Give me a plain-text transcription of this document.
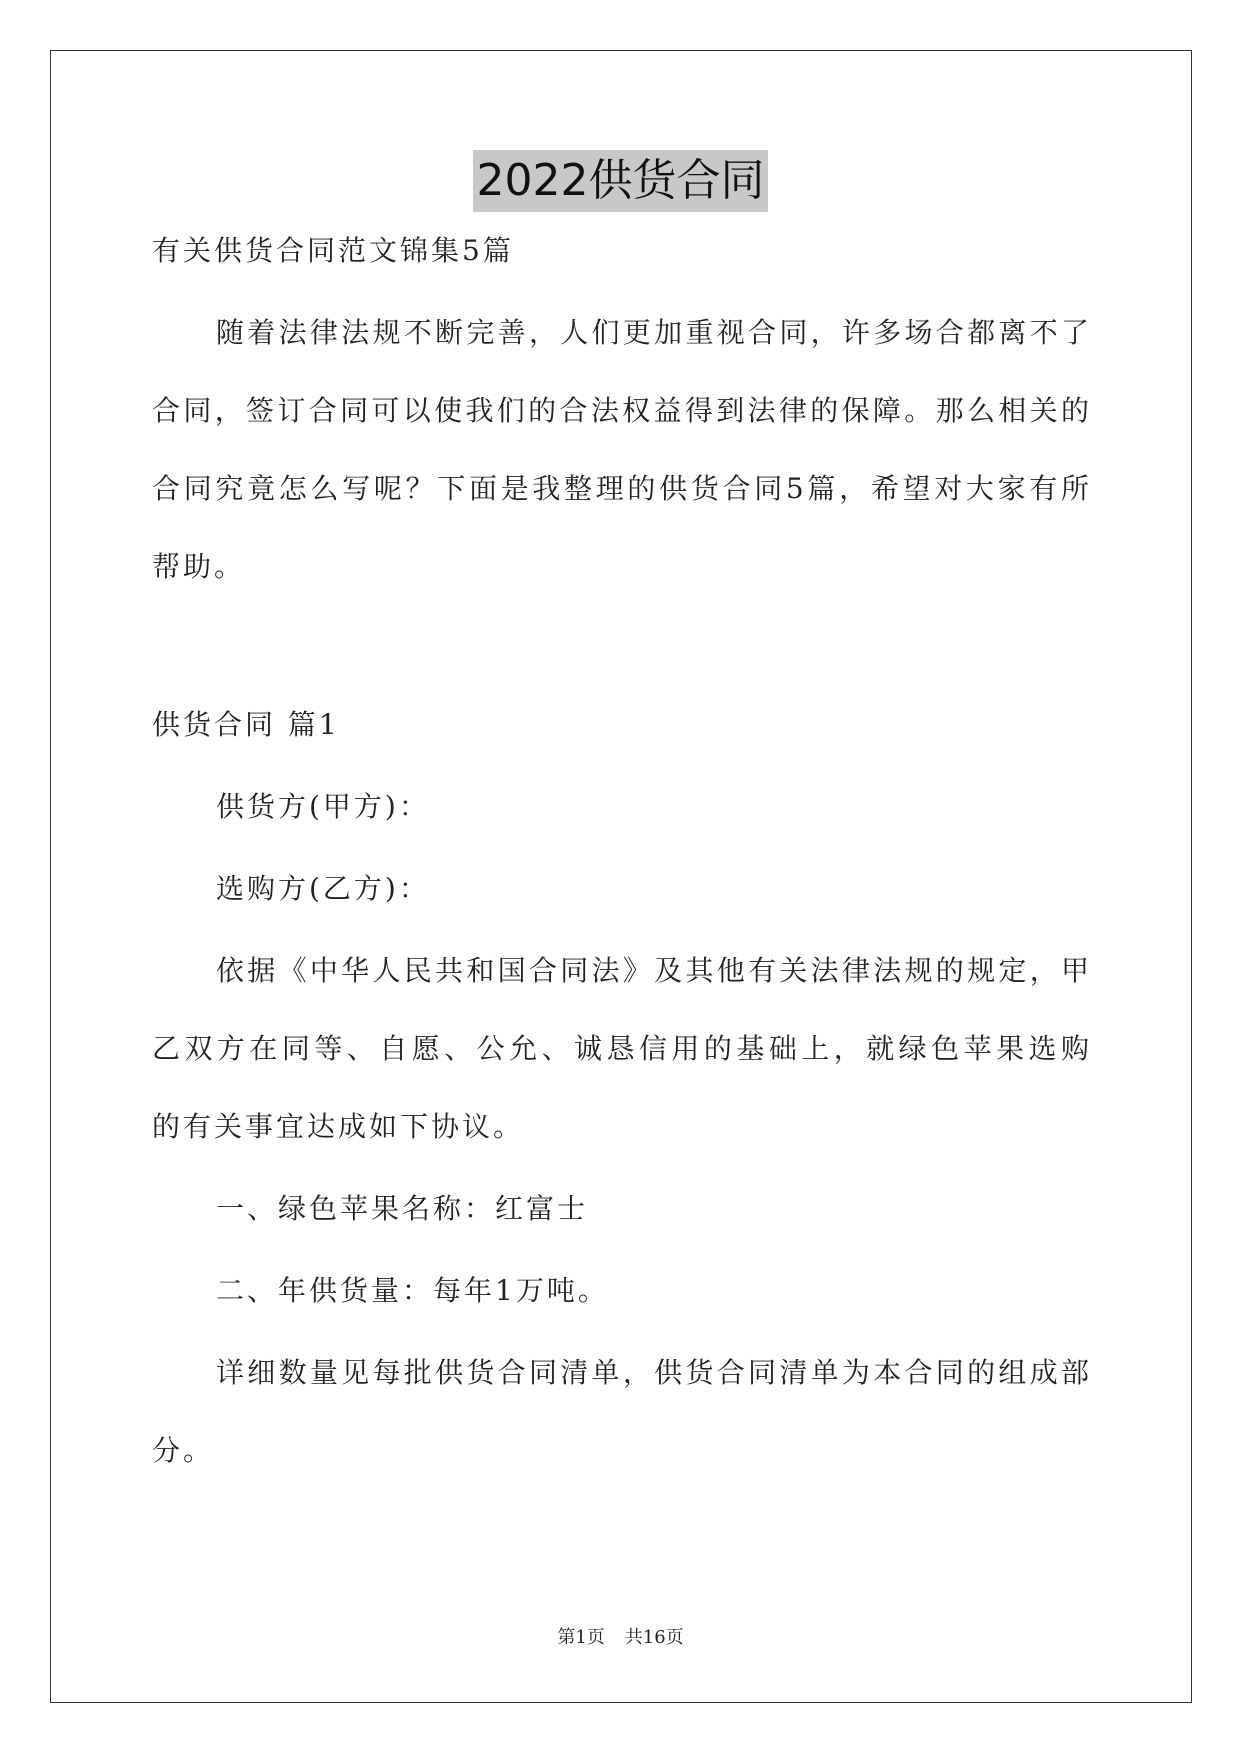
2022供货合同

有关供货合同范文锦集5篇

随着法律法规不断完善，人们更加重视合同，许多场合都离不了合同，签订合同可以使我们的合法权益得到法律的保障。那么相关的合同究竟怎么写呢？下面是我整理的供货合同5篇，希望对大家有所帮助。

供货合同 篇1

供货方(甲方)：

选购方(乙方)：

依据《中华人民共和国合同法》及其他有关法律法规的规定，甲乙双方在同等、自愿、公允、诚恳信用的基础上，就绿色苹果选购 的有关事宜达成如下协议。

一、绿色苹果名称：红富士

二、年供货量：每年1万吨。

详细数量见每批供货合同清单，供货合同清单为本合同的组成部分。

第1页 共16页
